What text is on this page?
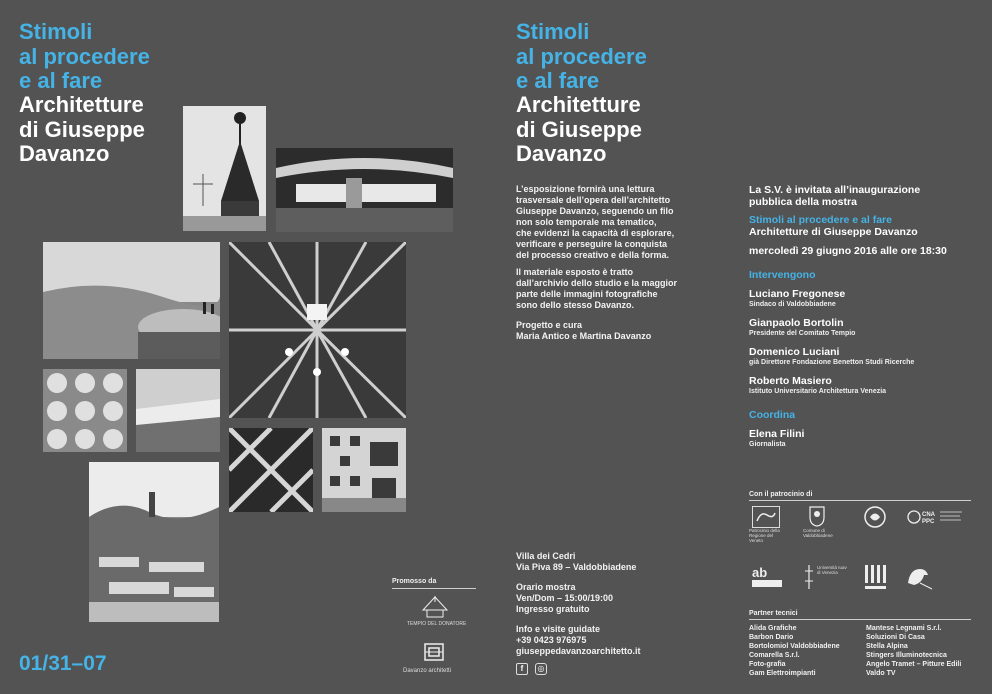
Stimoli
al procedere
e al fare
Architetture
di Giuseppe
Davanzo
01/31–07
Promosso da
TEMPIO DEL DONATORE
Davanzo architetti
Stimoli
al procedere
e al fare
Architetture
di Giuseppe
Davanzo
L’esposizione fornirà una lettura
trasversale dell’opera dell’architetto
Giuseppe Davanzo, seguendo un filo
non solo temporale ma tematico,
che evidenzi la capacità di esplorare,
verificare e perseguire la conquista
del processo creativo e della forma.
Il materiale esposto è tratto
dall’archivio dello studio e la maggior
parte delle immagini fotografiche
sono dello stesso Davanzo.
Progetto e cura
Maria Antico e Martina Davanzo
Villa dei Cedri
Via Piva 89 – Valdobbiadene
Orario mostra
Ven/Dom – 15:00/19:00
Ingresso gratuito
Info e visite guidate
+39 0423 976975
giuseppedavanzoarchitetto.it
f	◎
La S.V. è invitata all’inaugurazione
pubblica della mostra
Stimoli al procedere e al fare
Architetture di Giuseppe Davanzo
mercoledì 29 giugno 2016 alle ore 18:30
Intervengono
Luciano Fregonese
Sindaco di Valdobbiadene
Gianpaolo Bortolin
Presidente del Comitato Tempio
Domenico Luciani
già Direttore Fondazione Benetton Studi Ricerche
Roberto Masiero
Istituto Universitario Architettura Venezia
Coordina
Elena Filini
Giornalista
Con il patrocinio di
Patrocinio della Regione del Veneto
Comune di Valdobbiadene
CNA
PPC
ab	Università Iuav di Venezia
Partner tecnici
Alida Grafiche
Barbon Dario
Bortolomiol Valdobbiadene
Comarella S.r.l.
Foto-grafia
Gam Elettroimpianti
Mantese Legnami S.r.l.
Soluzioni Di Casa
Stella Alpina
Stingers Illuminotecnica
Angelo Tramet – Pitture Edili
Valdo TV
